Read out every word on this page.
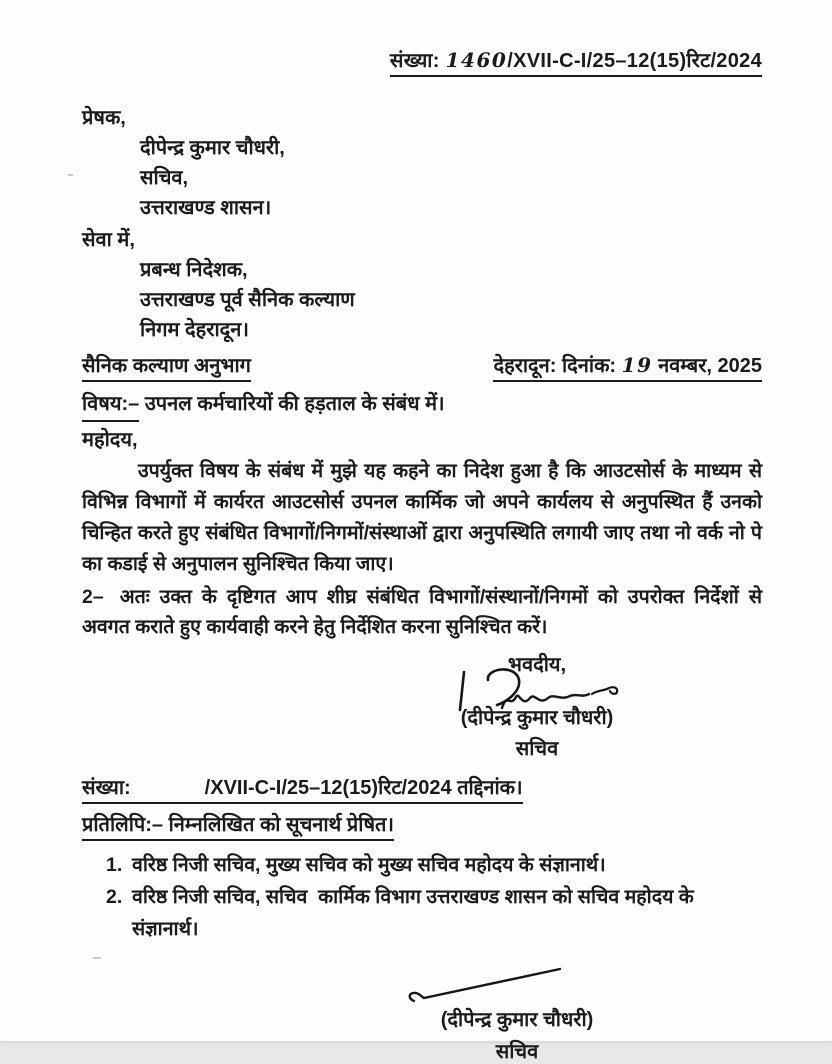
संख्या: 1460/XVII-C-I/25–12(15)रिट/2024
प्रेषक,
दीपेन्द्र कुमार चौधरी,
सचिव,
उत्तराखण्ड शासन।
सेवा में,
प्रबन्ध निदेशक,
उत्तराखण्ड पूर्व सैनिक कल्याण
निगम देहरादून।
सैनिक कल्याण अनुभाग	देहरादून: दिनांक: 19 नवम्बर, 2025
विषय:– उपनल कर्मचारियों की हड़ताल के संबंध में।
महोदय,
उपर्युक्त विषय के संबंध में मुझे यह कहने का निदेश हुआ है कि आउटसोर्स के माध्यम से विभिन्न विभागों में कार्यरत आउटसोर्स उपनल कार्मिक जो अपने कार्यलय से अनुपस्थित हैं उनको चिन्हित करते हुए संबंधित विभागों/निगमों/संस्थाओं द्वारा अनुपस्थिति लगायी जाए तथा नो वर्क नो पे का कडाई से अनुपालन सुनिश्चित किया जाए।
2– अतः उक्त के दृष्टिगत आप शीघ्र संबंधित विभागों/संस्थानों/निगमों को उपरोक्त निर्देशों से अवगत कराते हुए कार्यवाही करने हेतु निर्देशित करना सुनिश्चित करें।
भवदीय,
(दीपेन्द्र कुमार चौधरी)
सचिव
संख्या:	/XVII-C-I/25–12(15)रिट/2024 तद्दिनांक।
प्रतिलिपि:– निम्नलिखित को सूचनार्थ प्रेषित।
1. वरिष्ठ निजी सचिव, मुख्य सचिव को मुख्य सचिव महोदय के संज्ञानार्थ।
2. वरिष्ठ निजी सचिव, सचिव  कार्मिक विभाग उत्तराखण्ड शासन को सचिव महोदय के संज्ञानार्थ।
(दीपेन्द्र कुमार चौधरी)
सचिव
